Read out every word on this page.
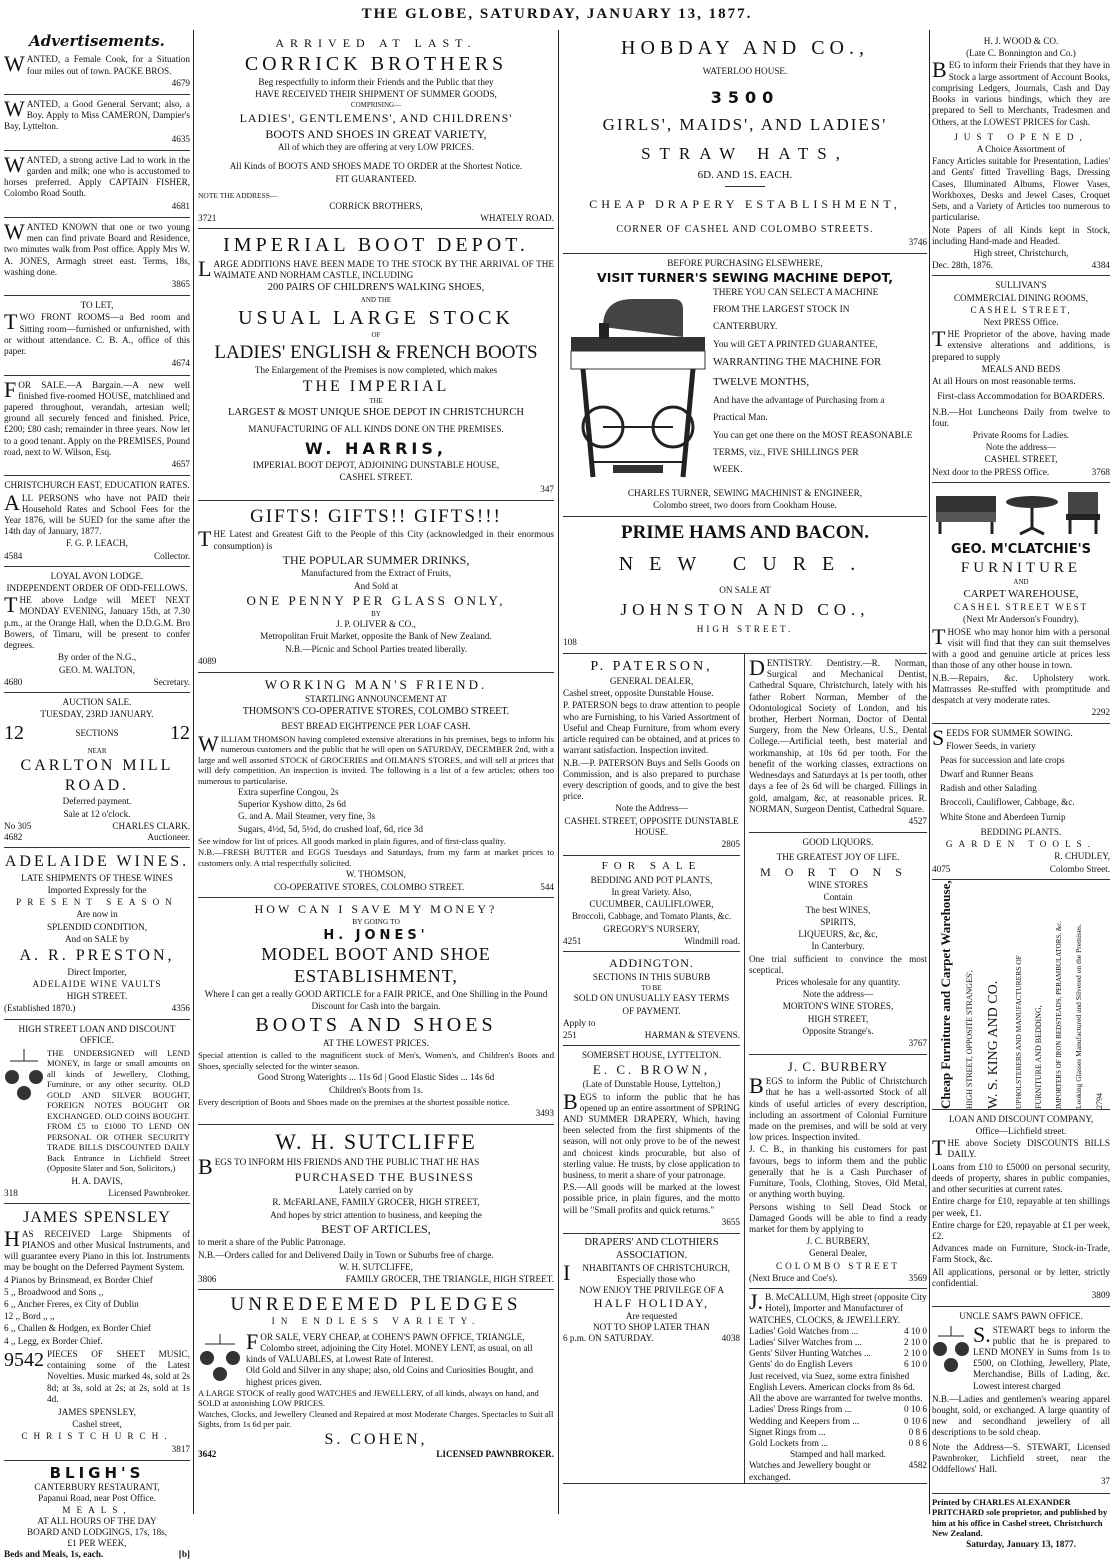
THE GLOBE, SATURDAY, JANUARY 13, 1877.
Advertisements.

WANTED, a Female Cook, for a Situation four miles out of town. PACKE BROS.

4679

WANTED, a Good General Servant; also, a Boy. Apply to Miss CAMERON, Dampier's Bay, Lyttelton.

4635

WANTED, a strong active Lad to work in the garden and milk; one who is accustomed to horses preferred. Apply CAPTAIN FISHER, Colombo Road South.

4681

WANTED KNOWN that one or two young men can find private Board and Residence, two minutes walk from Post office. Apply Mrs W. A. JONES, Armagh street east. Terms, 18s, washing done.

3865

TO LET,

TWO FRONT ROOMS—a Bed room and Sitting room—furnished or unfurnished, with or without attendance. C. B. A., office of this paper.

4674

FOR SALE.—A Bargain.—A new well finished five-roomed HOUSE, matchlined and papered throughout, verandah, artesian well; ground all securely fenced and finished. Price, £200; £80 cash; remainder in three years. Now let to a good tenant. Apply on the PREMISES, Pound road, next to W. Wilson, Esq.

4657

CHRISTCHURCH EAST, EDUCATION RATES.

ALL PERSONS who have not PAID their Household Rates and School Fees for the Year 1876, will be SUED for the same after the 14th day of January, 1877.

F. G. P. LEACH,

4584	Collector.

LOYAL AVON LODGE.

INDEPENDENT ORDER OF ODD-FELLOWS.

THE above Lodge will MEET NEXT MONDAY EVENING, January 15th, at 7.30 p.m., at the Orange Hall, when the D.D.G.M. Bro Bowers, of Timaru, will be present to confer degrees.

By order of the N.G.,

GEO. M. WALTON,

4680	Secretary.

AUCTION SALE.

TUESDAY, 23RD JANUARY.

12	SECTIONS	12

NEAR

CARLTON MILL ROAD.

Deferred payment.

Sale at 12 o'clock.

No 305	CHARLES CLARK.
4682	Auctioneer.

ADELAIDE WINES.

LATE SHIPMENTS OF THESE WINES

Imported Expressly for the

PRESENT SEASON

Are now in

SPLENDID CONDITION,

And on SALE by

A. R. PRESTON,

Direct Importer,

ADELAIDE WINE VAULTS

HIGH STREET.

(Established 1870.)	4356

HIGH STREET LOAN AND DISCOUNT OFFICE.

THE UNDERSIGNED will LEND MONEY, in large or small amounts on all kinds of Jewellery, Clothing, Furniture, or any other security. OLD GOLD AND SILVER BOUGHT, FOREIGN NOTES BOUGHT OR EXCHANGED. OLD COINS BOUGHT. FROM £5 to £1000 TO LEND ON PERSONAL OR OTHER SECURITY TRADE BILLS DISCOUNTED DAILY Back Entrance in Lichfield Street (Opposite Slater and Son, Solicitors,)

H. A. DAVIS,

318	Licensed Pawnbroker.

JAMES SPENSLEY

HAS RECEIVED Large Shipments of PIANOS and other Musical Instruments, and will guarantee every Piano in this lot. Instruments may be bought on the Deferred Payment System.

4 Pianos by Brinsmead, ex Border Chief

5 ,, Broadwood and Sons ,,

6 ,, Ancher Freres, ex City of Dublin

12 ,, Bord ,, ,,

6 ,, Challen & Hodgen, ex Border Chief

4 ,, Legg, ex Border Chief.

9542 PIECES OF SHEET MUSIC, containing some of the Latest Novelties. Music marked 4s, sold at 2s 8d; at 3s, sold at 2s; at 2s, sold at 1s 4d.

JAMES SPENSLEY,

Cashel street,

CHRISTCHURCH.

3817

BLIGH'S

CANTERBURY RESTAURANT,

Papanui Road, near Post Office.

MEALS,

AT ALL HOURS OF THE DAY

BOARD AND LODGINGS, 17s, 18s,

£1 PER WEEK,

Beds and Meals, 1s, each.	[b]

ARRIVED AT LAST.

CORRICK BROTHERS

Beg respectfully to inform their Friends and the Public that they

HAVE RECEIVED THEIR SHIPMENT OF SUMMER GOODS,

COMPRISING—

LADIES', GENTLEMENS', AND CHILDRENS'

BOOTS AND SHOES IN GREAT VARIETY,

All of which they are offering at very LOW PRICES.

All Kinds of BOOTS AND SHOES MADE TO ORDER at the Shortest Notice.

FIT GUARANTEED.

NOTE THE ADDRESS—

CORRICK BROTHERS,

3721	WHATELY ROAD.

IMPERIAL BOOT DEPOT.

LARGE ADDITIONS HAVE BEEN MADE TO THE STOCK BY THE ARRIVAL OF THE WAIMATE AND NORHAM CASTLE, INCLUDING

200 PAIRS OF CHILDREN'S WALKING SHOES,

AND THE

USUAL LARGE STOCK

OF

LADIES' ENGLISH & FRENCH BOOTS

The Enlargement of the Premises is now completed, which makes

THE IMPERIAL

THE

LARGEST & MOST UNIQUE SHOE DEPOT IN CHRISTCHURCH

MANUFACTURING OF ALL KINDS DONE ON THE PREMISES.

W. HARRIS,

IMPERIAL BOOT DEPOT, ADJOINING DUNSTABLE HOUSE,

CASHEL STREET.

347

GIFTS! GIFTS!! GIFTS!!!

THE Latest and Greatest Gift to the People of this City (acknowledged in their enormous consumption) is

THE POPULAR SUMMER DRINKS,

Manufactured from the Extract of Fruits,

And Sold at

ONE PENNY PER GLASS ONLY,

BY

J. P. OLIVER & CO.,

Metropolitan Fruit Market, opposite the Bank of New Zealand.

N.B.—Picnic and School Parties treated liberally.

4089

WORKING MAN'S FRIEND.

STARTLING ANNOUNCEMENT AT

THOMSON'S CO-OPERATIVE STORES, COLOMBO STREET.

BEST BREAD EIGHTPENCE PER LOAF CASH.

WILLIAM THOMSON having completed extensive alterations in his premises, begs to inform his numerous customers and the public that he will open on SATURDAY, DECEMBER 2nd, with a large and well assorted STOCK of GROCERIES and OILMAN'S STORES, and will sell at prices that will defy competition. An inspection is invited. The following is a list of a few articles; others too numerous to particularise.

Extra superfine Congou, 2s

Superior Kyshow ditto, 2s 6d

G. and A. Mail Steamer, very fine, 3s

Sugars, 4½d, 5d, 5½d, do crushed loaf, 6d, rice 3d

See window for list of prices. All goods marked in plain figures, and of first-class quality.

N.B.—FRESH BUTTER and EGGS Tuesdays and Saturdays, from my farm at market prices to customers only. A trial respectfully solicited.

W. THOMSON,

CO-OPERATIVE STORES, COLOMBO STREET.	544

HOW CAN I SAVE MY MONEY?

BY GOING TO

H. JONES'

MODEL BOOT AND SHOE ESTABLISHMENT,

Where I can get a really GOOD ARTICLE for a FAIR PRICE, and One Shilling in the Pound Discount for Cash into the bargain.

BOOTS AND SHOES

AT THE LOWEST PRICES.

Special attention is called to the magnificent stock of Men's, Women's, and Children's Boots and Shoes, specially selected for the winter season.

Good Strong Waterights ... 11s 6d | Good Elastic Sides ... 14s 6d

Children's Boots from 1s.

Every description of Boots and Shoes made on the premises at the shortest possible notice.

3493

W. H. SUTCLIFFE

BEGS TO INFORM HIS FRIENDS AND THE PUBLIC THAT HE HAS

PURCHASED THE BUSINESS

Lately carried on by

R. McFARLANE, FAMILY GROCER, HIGH STREET,

And hopes by strict attention to business, and keeping the

BEST OF ARTICLES,

to merit a share of the Public Patronage.

N.B.—Orders called for and Delivered Daily in Town or Suburbs free of charge.

W. H. SUTCLIFFE,

3806	FAMILY GROCER, THE TRIANGLE, HIGH STREET.

UNREDEEMED PLEDGES

IN ENDLESS VARIETY.

FOR SALE, VERY CHEAP, at COHEN'S PAWN OFFICE, TRIANGLE, Colombo street, adjoining the City Hotel. MONEY LENT, as usual, on all kinds of VALUABLES, at Lowest Rate of Interest.

Old Gold and Silver in any shape; also, old Coins and Curiosities Bought, and highest prices given.

A LARGE STOCK of really good WATCHES and JEWELLERY, of all kinds, always on hand, and SOLD at astonishing LOW PRICES.

Watches, Clocks, and Jewellery Cleaned and Repaired at most Moderate Charges. Spectacles to Suit all Sights, from 1s 6d per pair.

S. COHEN,

3642	LICENSED PAWNBROKER.

HOBDAY AND CO.,

WATERLOO HOUSE.

3500

GIRLS', MAIDS', AND LADIES'

STRAW HATS,

6D. AND 1S. EACH.

CHEAP DRAPERY ESTABLISHMENT,

CORNER OF CASHEL AND COLOMBO STREETS.

3746

BEFORE PURCHASING ELSEWHERE,

VISIT TURNER'S SEWING MACHINE DEPOT,

THERE YOU CAN SELECT A MACHINE

FROM THE LARGEST STOCK IN

CANTERBURY.

You will GET A PRINTED GUARANTEE,

WARRANTING THE MACHINE FOR

TWELVE MONTHS,

And have the advantage of Purchasing from a

Practical Man.

You can get one there on the MOST REASONABLE

TERMS, viz., FIVE SHILLINGS PER

WEEK.

CHARLES TURNER, SEWING MACHINIST & ENGINEER,

Colombo street, two doors from Cookham House.

PRIME HAMS AND BACON.

NEW CURE.

ON SALE AT

JOHNSTON AND CO.,

HIGH STREET.

108

P. PATERSON,

GENERAL DEALER,

Cashel street, opposite Dunstable House.

P. PATERSON begs to draw attention to people who are Furnishing, to his Varied Assortment of Useful and Cheap Furniture, from whom every article required can be obtained, and at prices to warrant satisfaction. Inspection invited.

N.B.—P. PATERSON Buys and Sells Goods on Commission, and is also prepared to purchase every description of goods, and to give the best price.

Note the Address—

CASHEL STREET, OPPOSITE DUNSTABLE HOUSE.

2805

FOR SALE

BEDDING AND POT PLANTS,

In great Variety. Also,

CUCUMBER, CAULIFLOWER,

Broccoli, Cabbage, and Tomato Plants, &c.

GREGORY'S NURSERY,

4251	Windmill road.

ADDINGTON.

SECTIONS IN THIS SUBURB

TO BE

SOLD ON UNUSUALLY EASY TERMS

OF PAYMENT.

Apply to

251	HARMAN & STEVENS.

SOMERSET HOUSE, LYTTELTON.

E. C. BROWN,

(Late of Dunstable House, Lyttelton,)

BEGS to inform the public that he has opened up an entire assortment of SPRING AND SUMMER DRAPERY, Which, having been selected from the first shipments of the season, will not only prove to be of the newest and choicest kinds procurable, but also of sterling value. He trusts, by close application to business, to merit a share of your patronage.

P.S.—All goods will be marked at the lowest possible price, in plain figures, and the motto will be "Small profits and quick returns."

3655

DRAPERS' AND CLOTHIERS ASSOCIATION.

INHABITANTS OF CHRISTCHURCH,

Especially those who

NOW ENJOY THE PRIVILEGE OF A

HALF HOLIDAY,

Are requested

NOT TO SHOP LATER THAN

6 p.m. ON SATURDAY.	4038

DENTISTRY. Dentistry.—R. Norman, Surgical and Mechanical Dentist, Cathedral Square, Christchurch, lately with his father Robert Norman, Member of the Odontological Society of London, and his brother, Herbert Norman, Doctor of Dental Surgery, from the New Orleans, U.S., Dental College.—Artificial teeth, best material and workmanship, at 10s 6d per tooth. For the benefit of the working classes, extractions on Wednesdays and Saturdays at 1s per tooth, other days a fee of 2s 6d will be charged. Fillings in gold, amalgam, &c, at reasonable prices. R. NORMAN, Surgeon Dentist, Cathedral Square.

4527

GOOD LIQUORS.

THE GREATEST JOY OF LIFE.

MORTONS

WINE STORES

Contain

The best WINES,

SPIRITS,

LIQUEURS, &c, &c,

In Canterbury.

One trial sufficient to convince the most sceptical.

Prices wholesale for any quantity.

Note the address—

MORTON'S WINE STORES,

HIGH STREET,

Opposite Strange's.

3767

J. C. BURBERY

BEGS to inform the Public of Christchurch that he has a well-assorted Stock of all kinds of useful articles of every description, including an assortment of Colonial Furniture made on the premises, and will be sold at very low prices. Inspection invited.

J. C. B., in thanking his customers for past favours, begs to inform them and the public generally that he is a Cash Purchaser of Furniture, Tools, Clothing, Stoves, Old Metal, or anything worth buying.

Persons wishing to Sell Dead Stock or Damaged Goods will be able to find a ready market for them by applying to

J. C. BURBERY,

General Dealer,

COLOMBO STREET

(Next Bruce and Coe's).	3569

J.B. McCALLUM, High street (opposite City Hotel), Importer and Manufacturer of WATCHES, CLOCKS, & JEWELLERY.

Ladies' Gold Watches from ...	4 10 0
Ladies' Silver Watches from ...	2 10 0
Gents' Silver Hunting Watches ...	2 10 0
Gents' do do English Levers	6 10 0

Just received, via Suez, some extra finished English Levers. American clocks from 8s 6d. All the above are warranted for twelve months.

Ladies' Dress Rings from ...	0 10 6
Wedding and Keepers from ...	0 10 6
Signet Rings from ...	0 8 6
Gold Lockets from ...	0 8 6

Stamped and hall marked.

Watches and Jewellery bought or exchanged.
4582

H. J. WOOD & CO.

(Late C. Bonnington and Co.)

BEG to inform their Friends that they have in Stock a large assortment of Account Books, comprising Ledgers, Journals, Cash and Day Books in various bindings, which they are prepared to Sell to Merchants, Tradesmen and Others, at the LOWEST PRICES for Cash.

JUST OPENED,

A Choice Assortment of

Fancy Articles suitable for Presentation, Ladies' and Gents' fitted Travelling Bags, Dressing Cases, Illuminated Albums, Flower Vases, Workboxes, Desks and Jewel Cases, Croquet Sets, and a Variety of Articles too numerous to particularise.

Note Papers of all Kinds kept in Stock, including Hand-made and Headed.

High street, Christchurch,

Dec. 28th, 1876.	4384

SULLIVAN'S

COMMERCIAL DINING ROOMS,

CASHEL STREET,

Next PRESS Office.

THE Proprietor of the above, having made extensive alterations and additions, is prepared to supply

MEALS AND BEDS

At all Hours on most reasonable terms.

First-class Accommodation for BOARDERS.

N.B.—Hot Luncheons Daily from twelve to four.

Private Rooms for Ladies.

Note the address—

CASHEL STREET,

Next door to the PRESS Office.	3768

GEO. M'CLATCHIE'S

FURNITURE

AND

CARPET WAREHOUSE,

CASHEL STREET WEST

(Next Mr Anderson's Foundry).

THOSE who may honor him with a personal visit will find that they can suit themselves with a good and genuine article at prices less than those of any other house in town.

N.B.—Repairs, &c. Upholstery work. Mattrasses Re-stuffed with promptitude and despatch at very moderate rates.

2292

SEEDS FOR SUMMER SOWING.

Flower Seeds, in variety

Peas for succession and late crops

Dwarf and Runner Beans

Radish and other Salading

Broccoli, Cauliflower, Cabbage, &c.

White Stone and Aberdeen Turnip

BEDDING PLANTS.

GARDEN TOOLS.

R. CHUDLEY,

4075	Colombo Street.
Cheap Furniture and Carpet Warehouse, HIGH STREET, OPPOSITE STRANGES', W. S. KING AND CO. UPHOLSTERERS AND MANUFACTURERS OF FURNITURE AND BEDDING, IMPORTERS OF IRON BEDSTEADS, PERAMBULATORS, &c. Looking Glasses Manufactured and Silvered on the Premises. 2794

LOAN AND DISCOUNT COMPANY,

Office—Lichfield street.

THE above Society DISCOUNTS BILLS DAILY.

Loans from £10 to £5000 on personal security, deeds of property, shares in public companies, and other securities at current rates.

Entire charge for £10, repayable at ten shillings per week, £1.

Entire charge for £20, repayable at £1 per week, £2.

Advances made on Furniture, Stock-in-Trade, Farm Stock, &c.

All applications, personal or by letter, strictly confidential.

3809

UNCLE SAM'S PAWN OFFICE.

S.STEWART begs to inform the public that he is prepared to LEND MONEY in Sums from 1s to £500, on Clothing, Jewellery, Plate, Merchandise, Bills of Lading, &c. Lowest interest charged

N.B.—Ladies and gentlemen's wearing apparel bought, sold, or exchanged. A large quantity of new and secondhand jewellery of all descriptions to be sold cheap.

Note the Address—S. STEWART, Licensed Pawnbroker, Lichfield street, near the Oddfellows' Hall.

37

Printed by CHARLES ALEXANDER PRITCHARD sole proprietor, and published by him at his office in Cashel street, Christchurch New Zealand.

Saturday, January 13, 1877.
